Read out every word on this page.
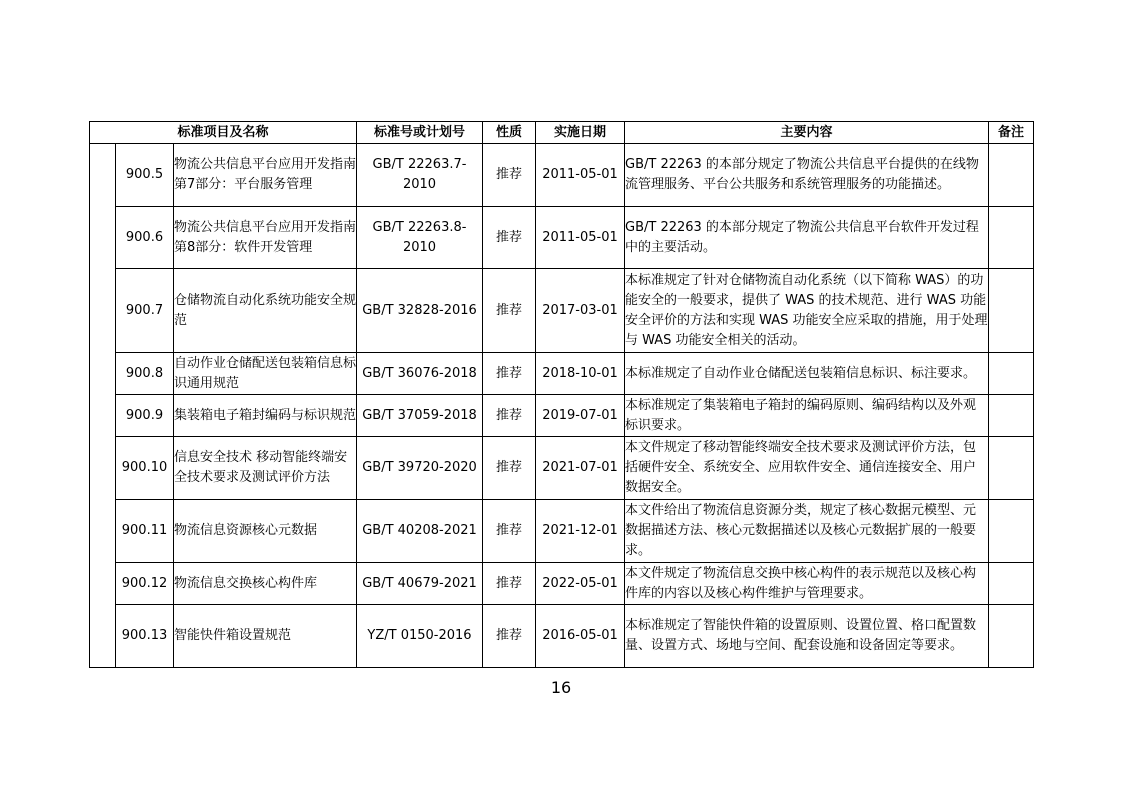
标准项目及名称			标准号或计划号	性质	实施日期	主要内容	备注
	900.5	物流公共信息平台应用开发指南 第7部分：平台服务管理	GB/T 22263.7-2010	推荐	2011-05-01	GB/T 22263 的本部分规定了物流公共信息平台提供的在线物流管理服务、平台公共服务和系统管理服务的功能描述。	
	900.6	物流公共信息平台应用开发指南 第8部分：软件开发管理	GB/T 22263.8-2010	推荐	2011-05-01	GB/T 22263 的本部分规定了物流公共信息平台软件开发过程中的主要活动。	
	900.7	仓储物流自动化系统功能安全规范	GB/T 32828-2016	推荐	2017-03-01	本标准规定了针对仓储物流自动化系统（以下简称 WAS）的功能安全的一般要求，提供了 WAS 的技术规范、进行 WAS 功能安全评价的方法和实现 WAS 功能安全应采取的措施，用于处理与 WAS 功能安全相关的活动。	
	900.8	自动作业仓储配送包装箱信息标识通用规范	GB/T 36076-2018	推荐	2018-10-01	本标准规定了自动作业仓储配送包装箱信息标识、标注要求。	
	900.9	集装箱电子箱封编码与标识规范	GB/T 37059-2018	推荐	2019-07-01	本标准规定了集装箱电子箱封的编码原则、编码结构以及外观标识要求。	
	900.10	信息安全技术 移动智能终端安全技术要求及测试评价方法	GB/T 39720-2020	推荐	2021-07-01	本文件规定了移动智能终端安全技术要求及测试评价方法，包括硬件安全、系统安全、应用软件安全、通信连接安全、用户数据安全。	
	900.11	物流信息资源核心元数据	GB/T 40208-2021	推荐	2021-12-01	本文件给出了物流信息资源分类，规定了核心数据元模型、元数据描述方法、核心元数据描述以及核心元数据扩展的一般要求。	
	900.12	物流信息交换核心构件库	GB/T 40679-2021	推荐	2022-05-01	本文件规定了物流信息交换中核心构件的表示规范以及核心构件库的内容以及核心构件维护与管理要求。	
	900.13	智能快件箱设置规范	YZ/T 0150-2016	推荐	2016-05-01	本标准规定了智能快件箱的设置原则、设置位置、格口配置数量、设置方式、场地与空间、配套设施和设备固定等要求。	
16
